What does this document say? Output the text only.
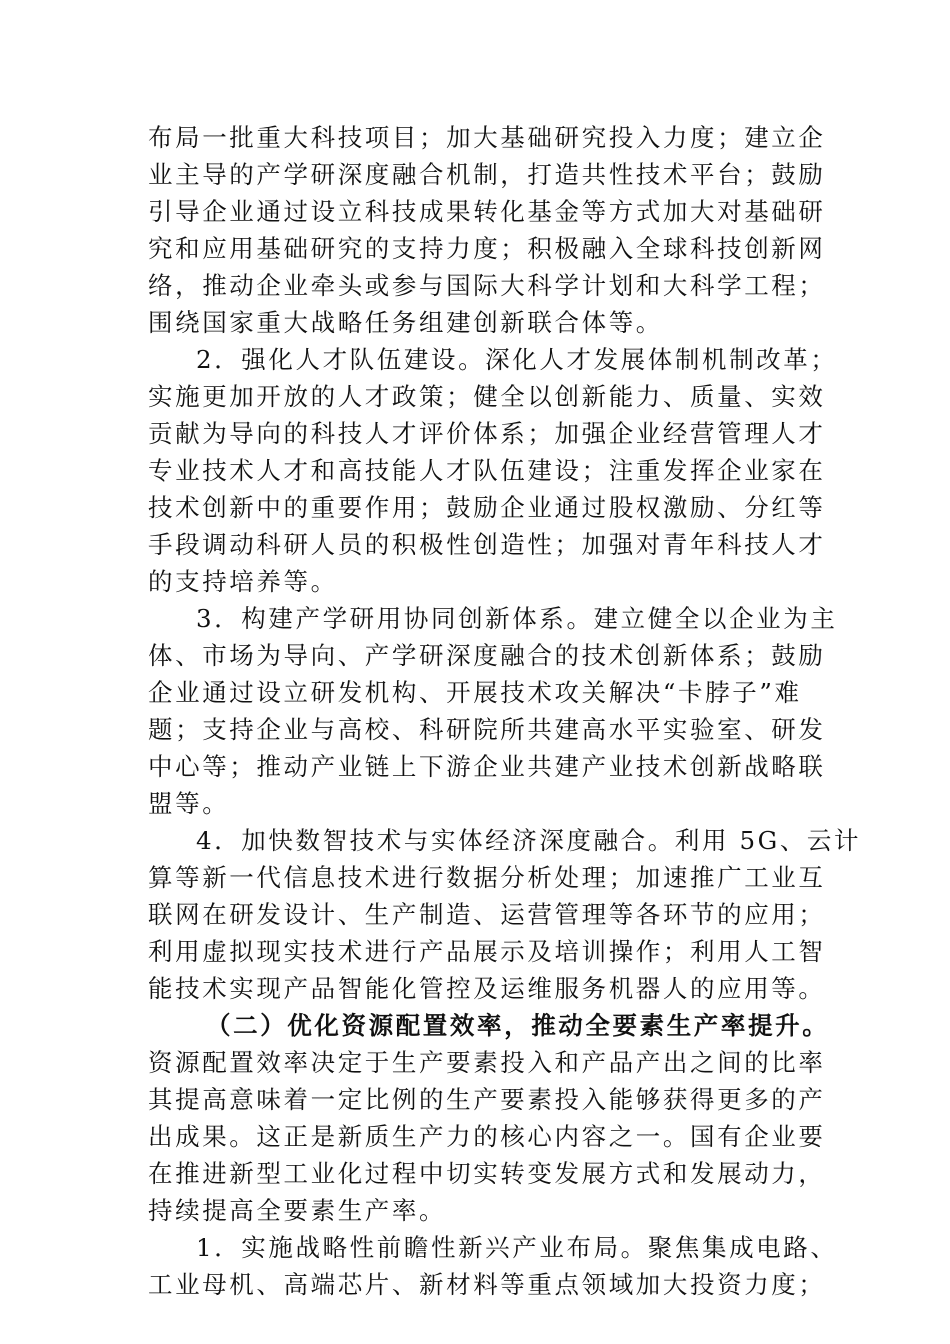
布局一批重大科技项目；加大基础研究投入力度；建立企
业主导的产学研深度融合机制，打造共性技术平台；鼓励
引导企业通过设立科技成果转化基金等方式加大对基础研
究和应用基础研究的支持力度；积极融入全球科技创新网
络，推动企业牵头或参与国际大科学计划和大科学工程；
围绕国家重大战略任务组建创新联合体等。
2．强化人才队伍建设。深化人才发展体制机制改革；
实施更加开放的人才政策；健全以创新能力、质量、实效
贡献为导向的科技人才评价体系；加强企业经营管理人才
专业技术人才和高技能人才队伍建设；注重发挥企业家在
技术创新中的重要作用；鼓励企业通过股权激励、分红等
手段调动科研人员的积极性创造性；加强对青年科技人才
的支持培养等。
3．构建产学研用协同创新体系。建立健全以企业为主
体、市场为导向、产学研深度融合的技术创新体系；鼓励
企业通过设立研发机构、开展技术攻关解决“卡脖子”难
题；支持企业与高校、科研院所共建高水平实验室、研发
中心等；推动产业链上下游企业共建产业技术创新战略联
盟等。
4．加快数智技术与实体经济深度融合。利用 5G、云计
算等新一代信息技术进行数据分析处理；加速推广工业互
联网在研发设计、生产制造、运营管理等各环节的应用；
利用虚拟现实技术进行产品展示及培训操作；利用人工智
能技术实现产品智能化管控及运维服务机器人的应用等。
（二）优化资源配置效率，推动全要素生产率提升。
资源配置效率决定于生产要素投入和产品产出之间的比率
其提高意味着一定比例的生产要素投入能够获得更多的产
出成果。这正是新质生产力的核心内容之一。国有企业要
在推进新型工业化过程中切实转变发展方式和发展动力，
持续提高全要素生产率。
1．实施战略性前瞻性新兴产业布局。聚焦集成电路、
工业母机、高端芯片、新材料等重点领域加大投资力度；
